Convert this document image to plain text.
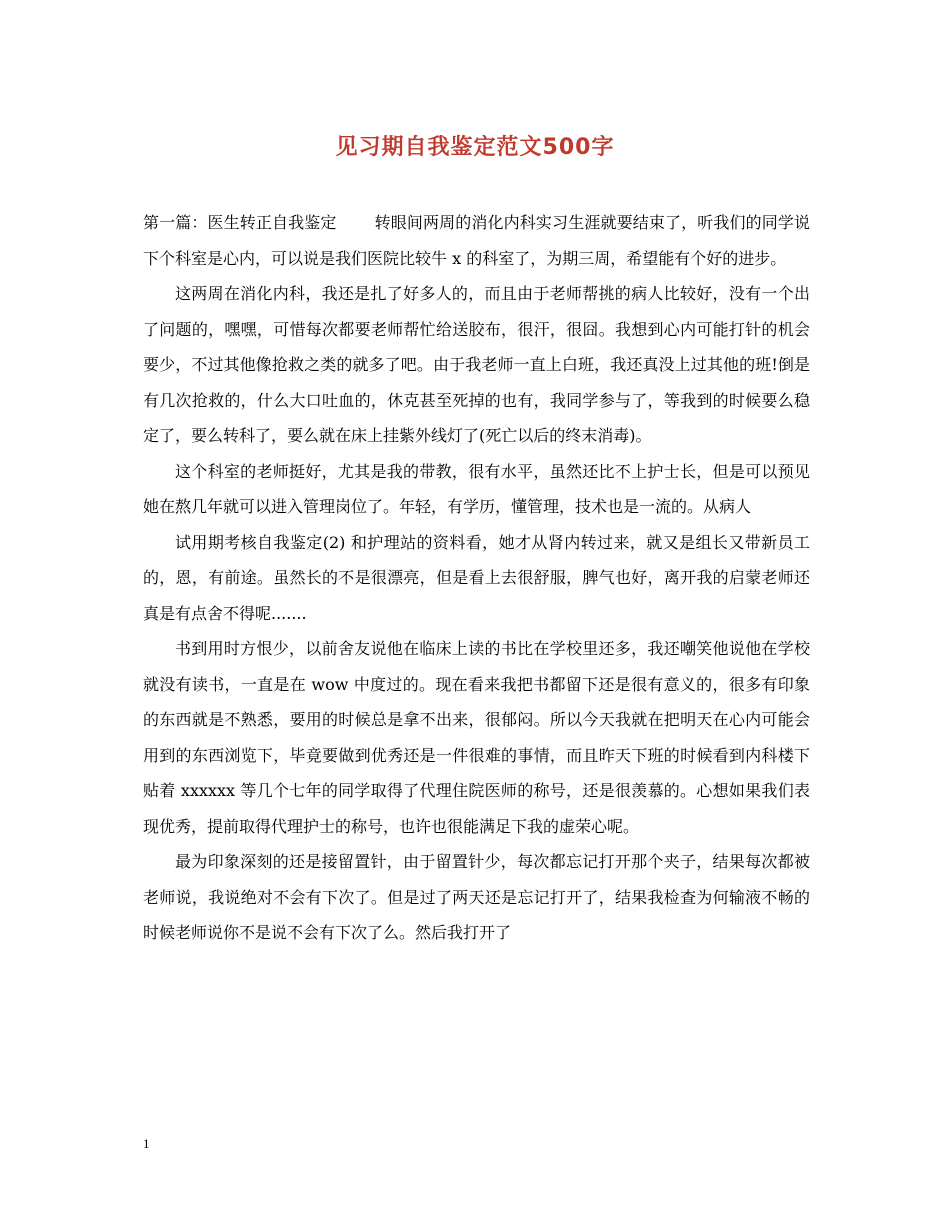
见习期自我鉴定范文500字

第一篇：医生转正自我鉴定 转眼间两周的消化内科实习生涯就要结束了，听我们的同学说下个科室是心内，可以说是我们医院比较牛 x 的科室了，为期三周，希望能有个好的进步。

这两周在消化内科，我还是扎了好多人的，而且由于老师帮挑的病人比较好，没有一个出了问题的，嘿嘿，可惜每次都要老师帮忙给送胶布，很汗，很囧。我想到心内可能打针的机会要少，不过其他像抢救之类的就多了吧。由于我老师一直上白班，我还真没上过其他的班!倒是有几次抢救的，什么大口吐血的，休克甚至死掉的也有，我同学参与了，等我到的时候要么稳定了，要么转科了，要么就在床上挂紫外线灯了(死亡以后的终末消毒)。

这个科室的老师挺好，尤其是我的带教，很有水平，虽然还比不上护士长，但是可以预见她在熬几年就可以进入管理岗位了。年轻，有学历，懂管理，技术也是一流的。从病人

试用期考核自我鉴定(2) 和护理站的资料看，她才从肾内转过来，就又是组长又带新员工的，恩，有前途。虽然长的不是很漂亮，但是看上去很舒服，脾气也好，离开我的启蒙老师还真是有点舍不得呢.......

书到用时方恨少，以前舍友说他在临床上读的书比在学校里还多，我还嘲笑他说他在学校就没有读书，一直是在 wow 中度过的。现在看来我把书都留下还是很有意义的，很多有印象的东西就是不熟悉，要用的时候总是拿不出来，很郁闷。所以今天我就在把明天在心内可能会用到的东西浏览下，毕竟要做到优秀还是一件很难的事情，而且昨天下班的时候看到内科楼下贴着 xxxxxx 等几个七年的同学取得了代理住院医师的称号，还是很羡慕的。心想如果我们表现优秀，提前取得代理护士的称号，也许也很能满足下我的虚荣心呢。

最为印象深刻的还是接留置针，由于留置针少，每次都忘记打开那个夹子，结果每次都被老师说，我说绝对不会有下次了。但是过了两天还是忘记打开了，结果我检查为何输液不畅的时候老师说你不是说不会有下次了么。然后我打开了

1
